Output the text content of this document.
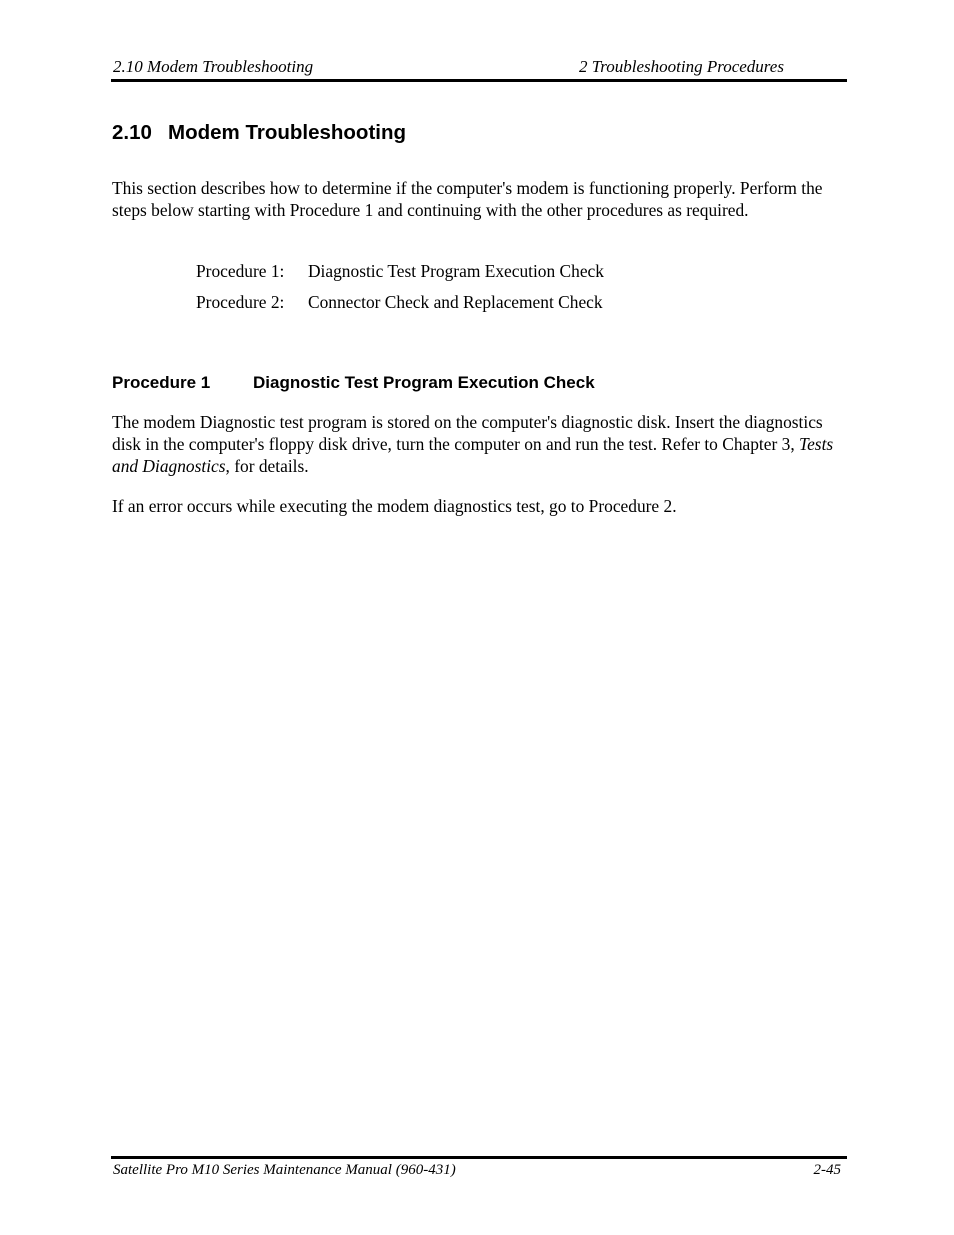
2.10 Modem Troubleshooting	2 Troubleshooting Procedures
2.10 Modem Troubleshooting

This section describes how to determine if the computer's modem is functioning properly. Perform the steps below starting with Procedure 1 and continuing with the other procedures as required.

Procedure 1: Diagnostic Test Program Execution Check
Procedure 2: Connector Check and Replacement Check
Procedure 1	Diagnostic Test Program Execution Check

The modem Diagnostic test program is stored on the computer's diagnostic disk. Insert the diagnostics disk in the computer's floppy disk drive, turn the computer on and run the test. Refer to Chapter 3, Tests and Diagnostics, for details.

If an error occurs while executing the modem diagnostics test, go to Procedure 2.

Satellite Pro M10 Series Maintenance Manual (960-431)	2-45
